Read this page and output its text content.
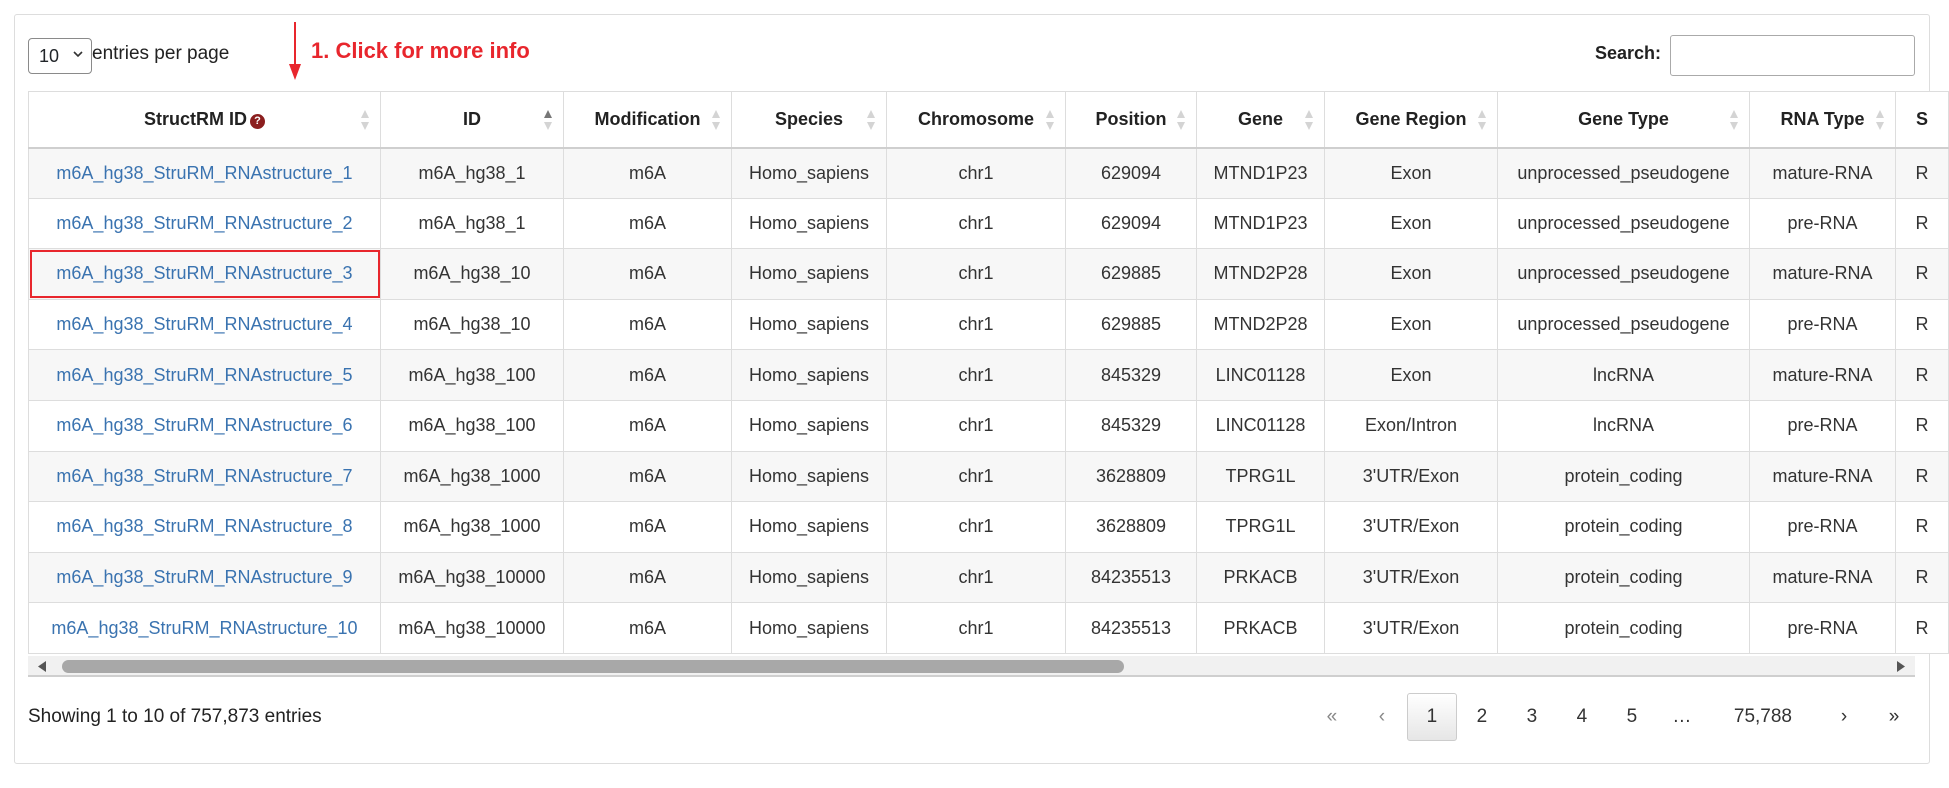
10 entries per page	1. Click for more info	Search:
StructRM ID ?	ID	Modification	Species	Chromosome	Position	Gene	Gene Region	Gene Type	RNA Type	S
m6A_hg38_StruRM_RNAstructure_1	m6A_hg38_1	m6A	Homo_sapiens	chr1	629094	MTND1P23	Exon	unprocessed_pseudogene	mature-RNA	R
m6A_hg38_StruRM_RNAstructure_2	m6A_hg38_1	m6A	Homo_sapiens	chr1	629094	MTND1P23	Exon	unprocessed_pseudogene	pre-RNA	R
m6A_hg38_StruRM_RNAstructure_3	m6A_hg38_10	m6A	Homo_sapiens	chr1	629885	MTND2P28	Exon	unprocessed_pseudogene	mature-RNA	R
m6A_hg38_StruRM_RNAstructure_4	m6A_hg38_10	m6A	Homo_sapiens	chr1	629885	MTND2P28	Exon	unprocessed_pseudogene	pre-RNA	R
m6A_hg38_StruRM_RNAstructure_5	m6A_hg38_100	m6A	Homo_sapiens	chr1	845329	LINC01128	Exon	lncRNA	mature-RNA	R
m6A_hg38_StruRM_RNAstructure_6	m6A_hg38_100	m6A	Homo_sapiens	chr1	845329	LINC01128	Exon/Intron	lncRNA	pre-RNA	R
m6A_hg38_StruRM_RNAstructure_7	m6A_hg38_1000	m6A	Homo_sapiens	chr1	3628809	TPRG1L	3'UTR/Exon	protein_coding	mature-RNA	R
m6A_hg38_StruRM_RNAstructure_8	m6A_hg38_1000	m6A	Homo_sapiens	chr1	3628809	TPRG1L	3'UTR/Exon	protein_coding	pre-RNA	R
m6A_hg38_StruRM_RNAstructure_9	m6A_hg38_10000	m6A	Homo_sapiens	chr1	84235513	PRKACB	3'UTR/Exon	protein_coding	mature-RNA	R
m6A_hg38_StruRM_RNAstructure_10	m6A_hg38_10000	m6A	Homo_sapiens	chr1	84235513	PRKACB	3'UTR/Exon	protein_coding	pre-RNA	R
Showing 1 to 10 of 757,873 entries	«	‹	1	2	3	4	5	…	75,788	›	»
